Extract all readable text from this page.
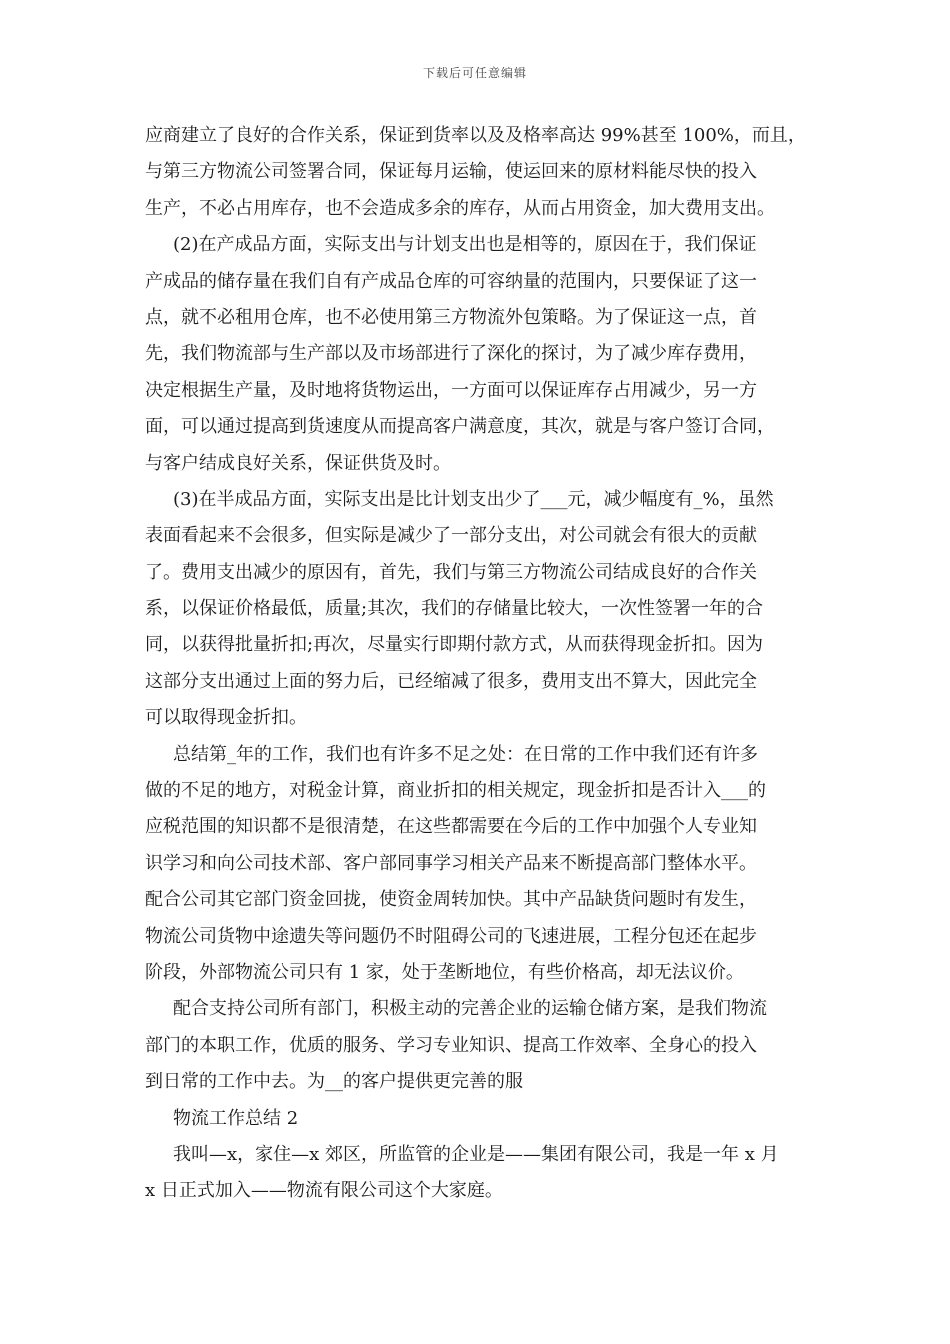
下载后可任意编辑
应商建立了良好的合作关系，保证到货率以及及格率高达 99%甚至 100%，而且，
与第三方物流公司签署合同，保证每月运输，使运回来的原材料能尽快的投入
生产，不必占用库存，也不会造成多余的库存，从而占用资金，加大费用支出。
(2)在产成品方面，实际支出与计划支出也是相等的，原因在于，我们保证
产成品的储存量在我们自有产成品仓库的可容纳量的范围内，只要保证了这一
点，就不必租用仓库，也不必使用第三方物流外包策略。为了保证这一点，首
先，我们物流部与生产部以及市场部进行了深化的探讨，为了减少库存费用，
决定根据生产量，及时地将货物运出，一方面可以保证库存占用减少，另一方
面，可以通过提高到货速度从而提高客户满意度，其次，就是与客户签订合同，
与客户结成良好关系，保证供货及时。
(3)在半成品方面，实际支出是比计划支出少了___元，减少幅度有_%，虽然
表面看起来不会很多，但实际是减少了一部分支出，对公司就会有很大的贡献
了。费用支出减少的原因有，首先，我们与第三方物流公司结成良好的合作关
系，以保证价格最低，质量;其次，我们的存储量比较大，一次性签署一年的合
同，以获得批量折扣;再次，尽量实行即期付款方式，从而获得现金折扣。因为
这部分支出通过上面的努力后，已经缩减了很多，费用支出不算大，因此完全
可以取得现金折扣。
总结第_年的工作，我们也有许多不足之处：在日常的工作中我们还有许多
做的不足的地方，对税金计算，商业折扣的相关规定，现金折扣是否计入___的
应税范围的知识都不是很清楚，在这些都需要在今后的工作中加强个人专业知
识学习和向公司技术部、客户部同事学习相关产品来不断提高部门整体水平。
配合公司其它部门资金回拢，使资金周转加快。其中产品缺货问题时有发生，
物流公司货物中途遗失等问题仍不时阻碍公司的飞速进展，工程分包还在起步
阶段，外部物流公司只有 1 家，处于垄断地位，有些价格高，却无法议价。
配合支持公司所有部门，积极主动的完善企业的运输仓储方案，是我们物流
部门的本职工作，优质的服务、学习专业知识、提高工作效率、全身心的投入
到日常的工作中去。为__的客户提供更完善的服
物流工作总结 2
我叫—x，家住—x 郊区，所监管的企业是——集团有限公司，我是一年 x 月
x 日正式加入——物流有限公司这个大家庭。
